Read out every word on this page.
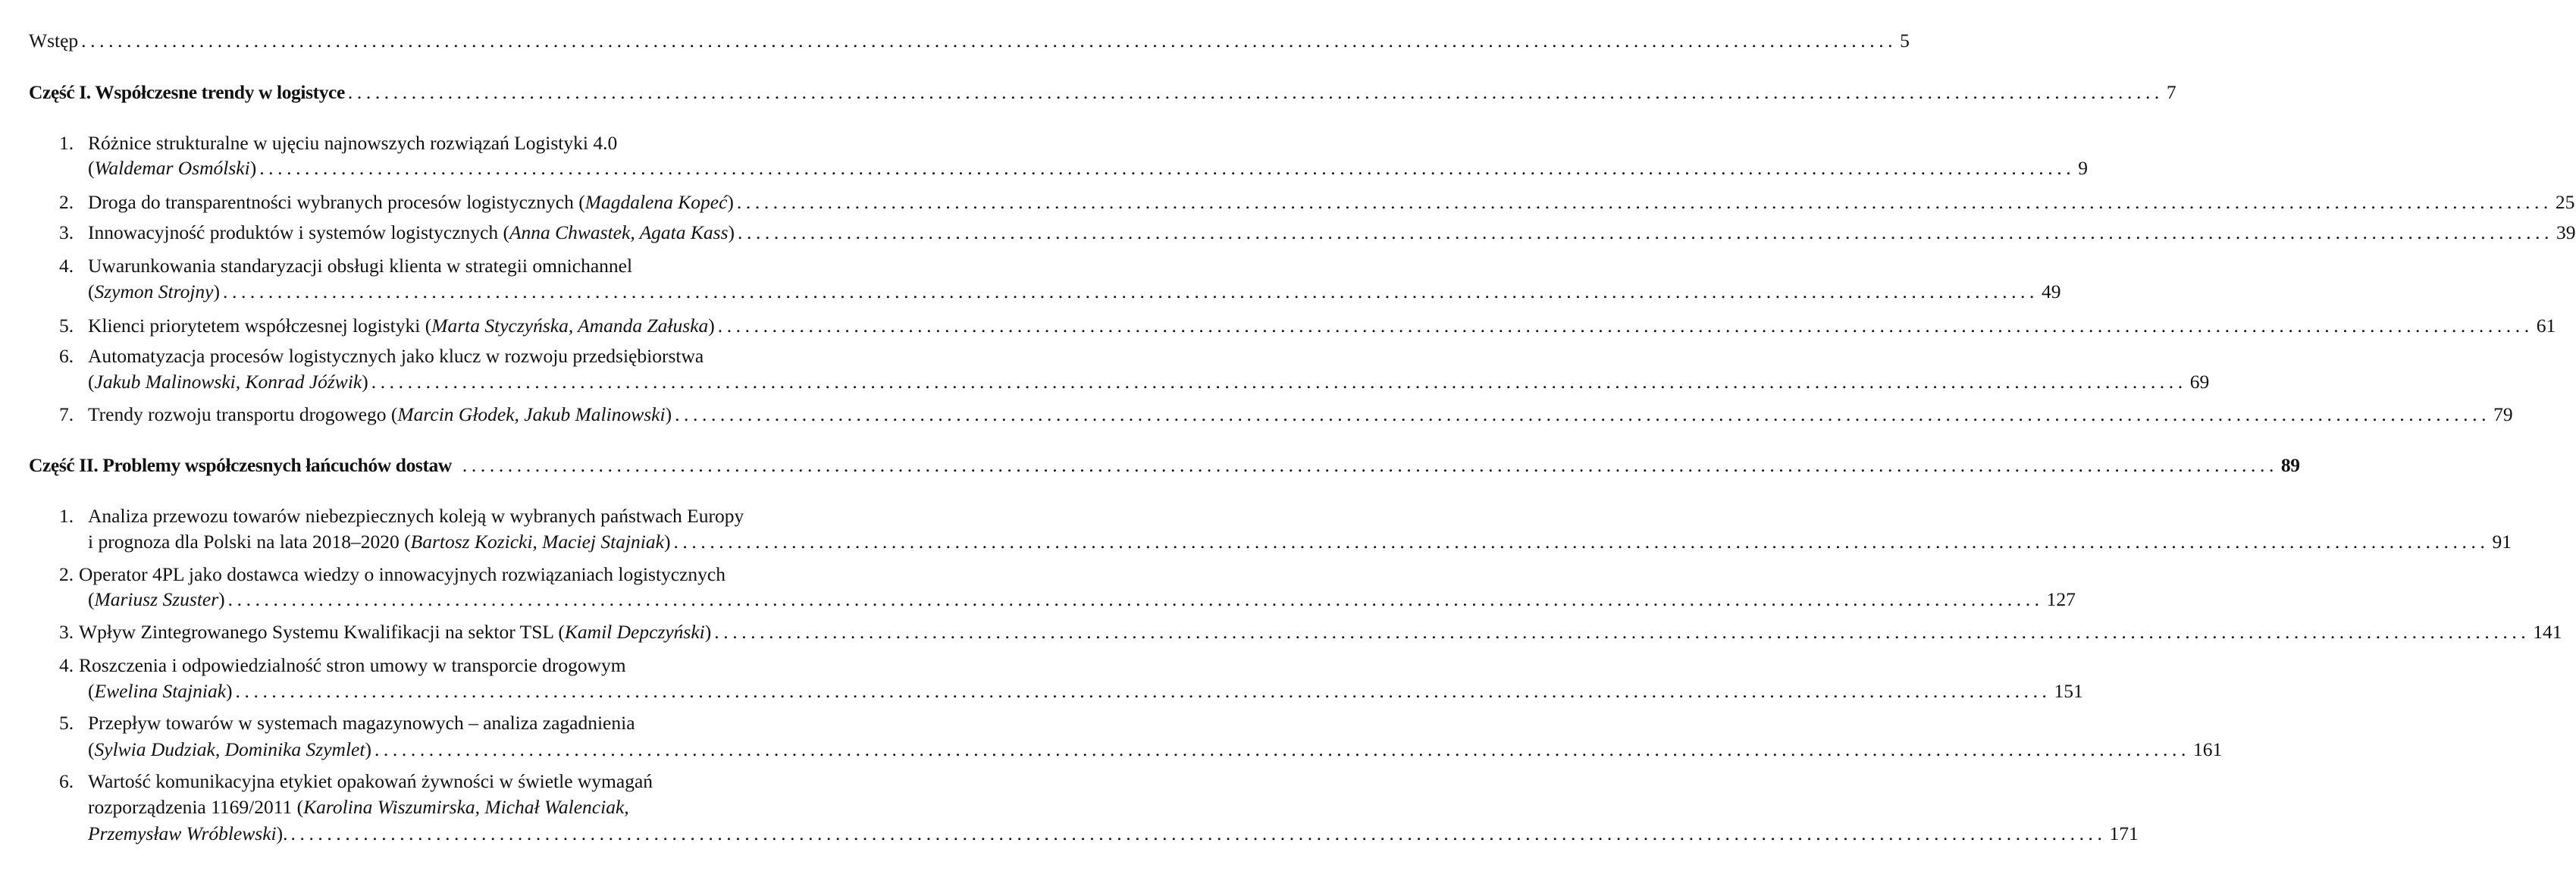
Wstęp ........................................................................................................................................................................................................ 5
Część I. Współczesne trendy w logistyce ........................................................................................................................................................................................................ 7
1. Różnice strukturalne w ujęciu najnowszych rozwiązań Logistyki 4.0
(Waldemar Osmólski) ........................................................................................................................................................................................................ 9
2. Droga do transparentności wybranych procesów logistycznych (Magdalena Kopeć) ........................................................................................................................................................................................................ 25
3. Innowacyjność produktów i systemów logistycznych (Anna Chwastek, Agata Kass) ........................................................................................................................................................................................................ 39
4. Uwarunkowania standaryzacji obsługi klienta w strategii omnichannel
(Szymon Strojny) ........................................................................................................................................................................................................ 49
5. Klienci priorytetem współczesnej logistyki (Marta Styczyńska, Amanda Załuska) ........................................................................................................................................................................................................ 61
6. Automatyzacja procesów logistycznych jako klucz w rozwoju przedsiębiorstwa
(Jakub Malinowski, Konrad Jóźwik) ........................................................................................................................................................................................................ 69
7. Trendy rozwoju transportu drogowego (Marcin Głodek, Jakub Malinowski) ........................................................................................................................................................................................................ 79
Część II. Problemy współczesnych łańcuchów dostaw ........................................................................................................................................................................................................ 89
1. Analiza przewozu towarów niebezpiecznych koleją w wybranych państwach Europy
i prognoza dla Polski na lata 2018–2020 (Bartosz Kozicki, Maciej Stajniak) ........................................................................................................................................................................................................ 91
2. Operator 4PL jako dostawca wiedzy o innowacyjnych rozwiązaniach logistycznych
(Mariusz Szuster) ........................................................................................................................................................................................................ 127
3. Wpływ Zintegrowanego Systemu Kwalifikacji na sektor TSL (Kamil Depczyński) ........................................................................................................................................................................................................ 141
4. Roszczenia i odpowiedzialność stron umowy w transporcie drogowym
(Ewelina Stajniak) ........................................................................................................................................................................................................ 151
5. Przepływ towarów w systemach magazynowych – analiza zagadnienia
(Sylwia Dudziak, Dominika Szymlet) ........................................................................................................................................................................................................ 161
6. Wartość komunikacyjna etykiet opakowań żywności w świetle wymagań
rozporządzenia 1169/2011 (Karolina Wiszumirska, Michał Walenciak,
Przemysław Wróblewski). ........................................................................................................................................................................................................ 171
